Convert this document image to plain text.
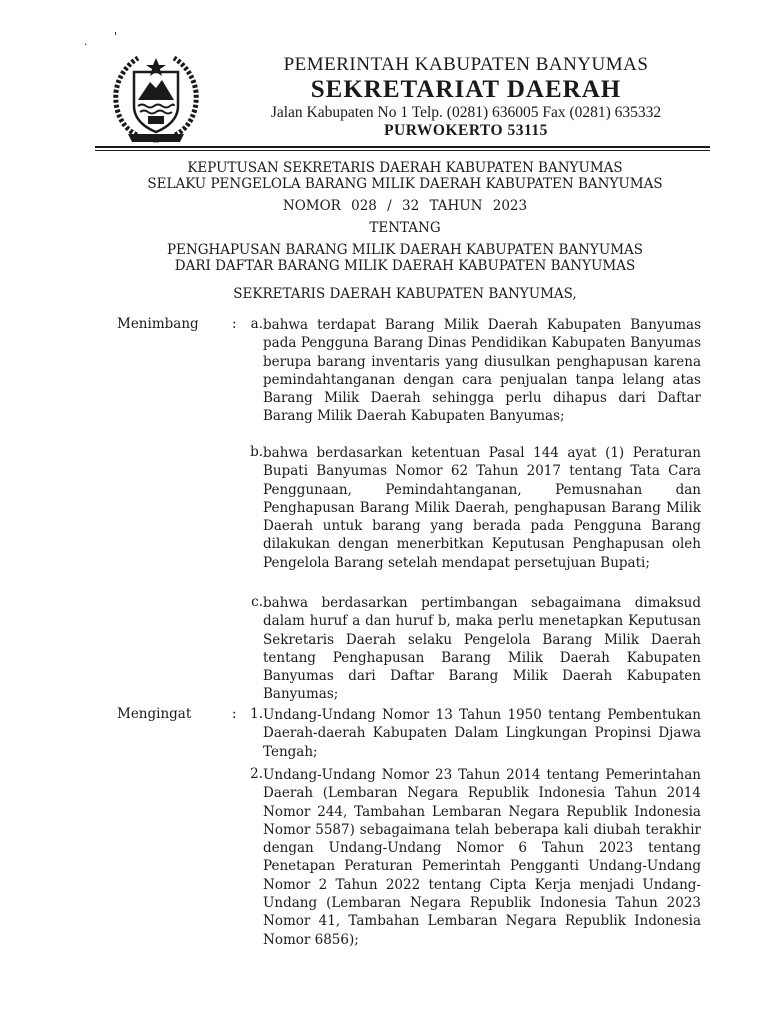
·
'
PEMERINTAH KABUPATEN BANYUMAS
SEKRETARIAT DAERAH
Jalan Kabupaten No 1 Telp. (0281) 636005 Fax (0281) 635332
PURWOKERTO 53115
KEPUTUSAN SEKRETARIS DAERAH KABUPATEN BANYUMAS
SELAKU PENGELOLA BARANG MILIK DAERAH KABUPATEN BANYUMAS
NOMOR 028 / 32 TAHUN 2023
TENTANG
PENGHAPUSAN BARANG MILIK DAERAH KABUPATEN BANYUMAS
DARI DAFTAR BARANG MILIK DAERAH KABUPATEN BANYUMAS
SEKRETARIS DAERAH KABUPATEN BANYUMAS,
Menimbang :	a. bahwa terdapat Barang Milik Daerah Kabupaten Banyumas pada Pengguna Barang Dinas Pendidikan Kabupaten Banyumas berupa barang inventaris yang diusulkan penghapusan karena pemindahtanganan dengan cara penjualan tanpa lelang atas Barang Milik Daerah sehingga perlu dihapus dari Daftar Barang Milik Daerah Kabupaten Banyumas;
b. bahwa berdasarkan ketentuan Pasal 144 ayat (1) Peraturan Bupati Banyumas Nomor 62 Tahun 2017 tentang Tata Cara Penggunaan, Pemindahtanganan, Pemusnahan dan Penghapusan Barang Milik Daerah, penghapusan Barang Milik Daerah untuk barang yang berada pada Pengguna Barang dilakukan dengan menerbitkan Keputusan Penghapusan oleh Pengelola Barang setelah mendapat persetujuan Bupati;
c. bahwa berdasarkan pertimbangan sebagaimana dimaksud dalam huruf a dan huruf b, maka perlu menetapkan Keputusan Sekretaris Daerah selaku Pengelola Barang Milik Daerah tentang Penghapusan Barang Milik Daerah Kabupaten Banyumas dari Daftar Barang Milik Daerah Kabupaten Banyumas;
Mengingat	:	1. Undang-Undang Nomor 13 Tahun 1950 tentang Pembentukan Daerah-daerah Kabupaten Dalam Lingkungan Propinsi Djawa Tengah;
2. Undang-Undang Nomor 23 Tahun 2014 tentang Pemerintahan Daerah (Lembaran Negara Republik Indonesia Tahun 2014 Nomor 244, Tambahan Lembaran Negara Republik Indonesia Nomor 5587) sebagaimana telah beberapa kali diubah terakhir dengan Undang-Undang Nomor 6 Tahun 2023 tentang Penetapan Peraturan Pemerintah Pengganti Undang-Undang Nomor 2 Tahun 2022 tentang Cipta Kerja menjadi Undang-Undang (Lembaran Negara Republik Indonesia Tahun 2023 Nomor 41, Tambahan Lembaran Negara Republik Indonesia Nomor 6856);
